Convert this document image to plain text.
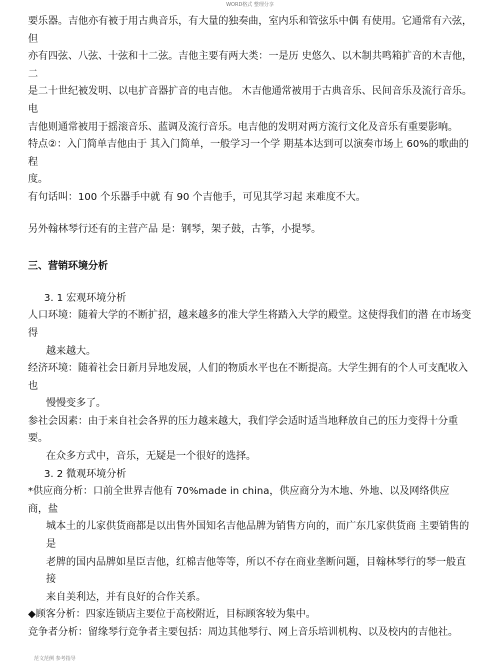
WORD格式 整理分享

要乐器。吉他亦有被于用古典音乐，有大量的独奏曲，室内乐和管弦乐中偶 有使用。它通常有六弦，但

亦有四弦、八弦、十弦和十二弦。吉他主要有两大类：一是历 史悠久、以木制共鸣箱扩音的木吉他，二

是二十世纪被发明、以电扩音器扩音的电吉他。 木吉他通常被用于古典音乐、民间音乐及流行音乐。电

吉他则通常被用于摇滚音乐、蓝调及流行音乐。电吉他的发明对两方流行文化及音乐有重要影响。

特点②：入门简单吉他由于 其入门简单，一般学习一个学 期基本达到可以演奏市场上 60%的歌曲的程

度。

有句话叫：100 个乐器手中就 有 90 个吉他手，可见其学习起 来难度不大。

另外翰林琴行还有的主营产品 是：钢琴，架子鼓，古筝，小提琴。

三、营销环境分析

3. 1 宏观环境分析

人口环境：随着大学的不断扩招，越来越多的准大学生将踏入大学的殿堂。这使得我们的潜 在市场变得

越来越大。

经济环境：随着社会日新月异地发展，人们的物质水平也在不断提高。大学生拥有的个人可支配收入也

慢慢变多了。

参社会因素：由于来自社会各界的压力越来越大，我们学会适时适当地释放自己的压力变得十分重要。

在众多方式中，音乐，无疑是一个很好的选择。

3. 2 微观环境分析

*供应商分析：口前全世界吉他有 70%made in china，供应商分为木地、外地、以及网络供应 商，盐

城本土的儿家供货商都是以出售外国知名吉他品牌为销售方向的，而广东几家供货商 主要销售的是

老牌的国内品牌如星臣吉他，红棉吉他等等，所以不存在商业垄断问题，目翰林琴行的琴一般直接

来自美利达，并有良好的合作关系。

◆顾客分析：四家连锁店主要位于高校附近，目标顾客较为集中。

竞争者分析：留缘琴行竞争者主要包括：周边其他琴行、网上音乐培训机构、以及校内的吉他社。

范文范例 参考指导
